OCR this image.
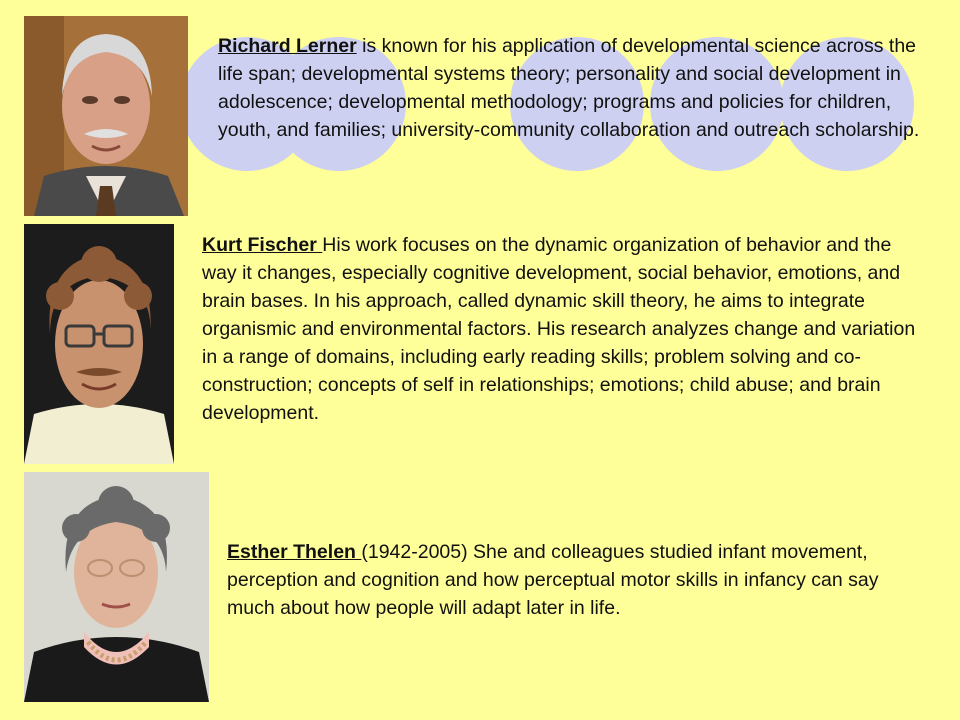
Richard Lerner is known for his application of developmental science across the life span; developmental systems theory; personality and social development in adolescence; developmental methodology; programs and policies for children, youth, and families; university-community collaboration and outreach scholarship.

Kurt Fischer His work focuses on the dynamic organization of behavior and the way it changes, especially cognitive development, social behavior, emotions, and brain bases. In his approach, called dynamic skill theory, he aims to integrate organismic and environmental factors. His research analyzes change and variation in a range of domains, including early reading skills; problem solving and co-construction; concepts of self in relationships; emotions; child abuse; and brain development.

Esther Thelen (1942-2005) She and colleagues studied infant movement, perception and cognition and how perceptual motor skills in infancy can say much about how people will adapt later in life.
